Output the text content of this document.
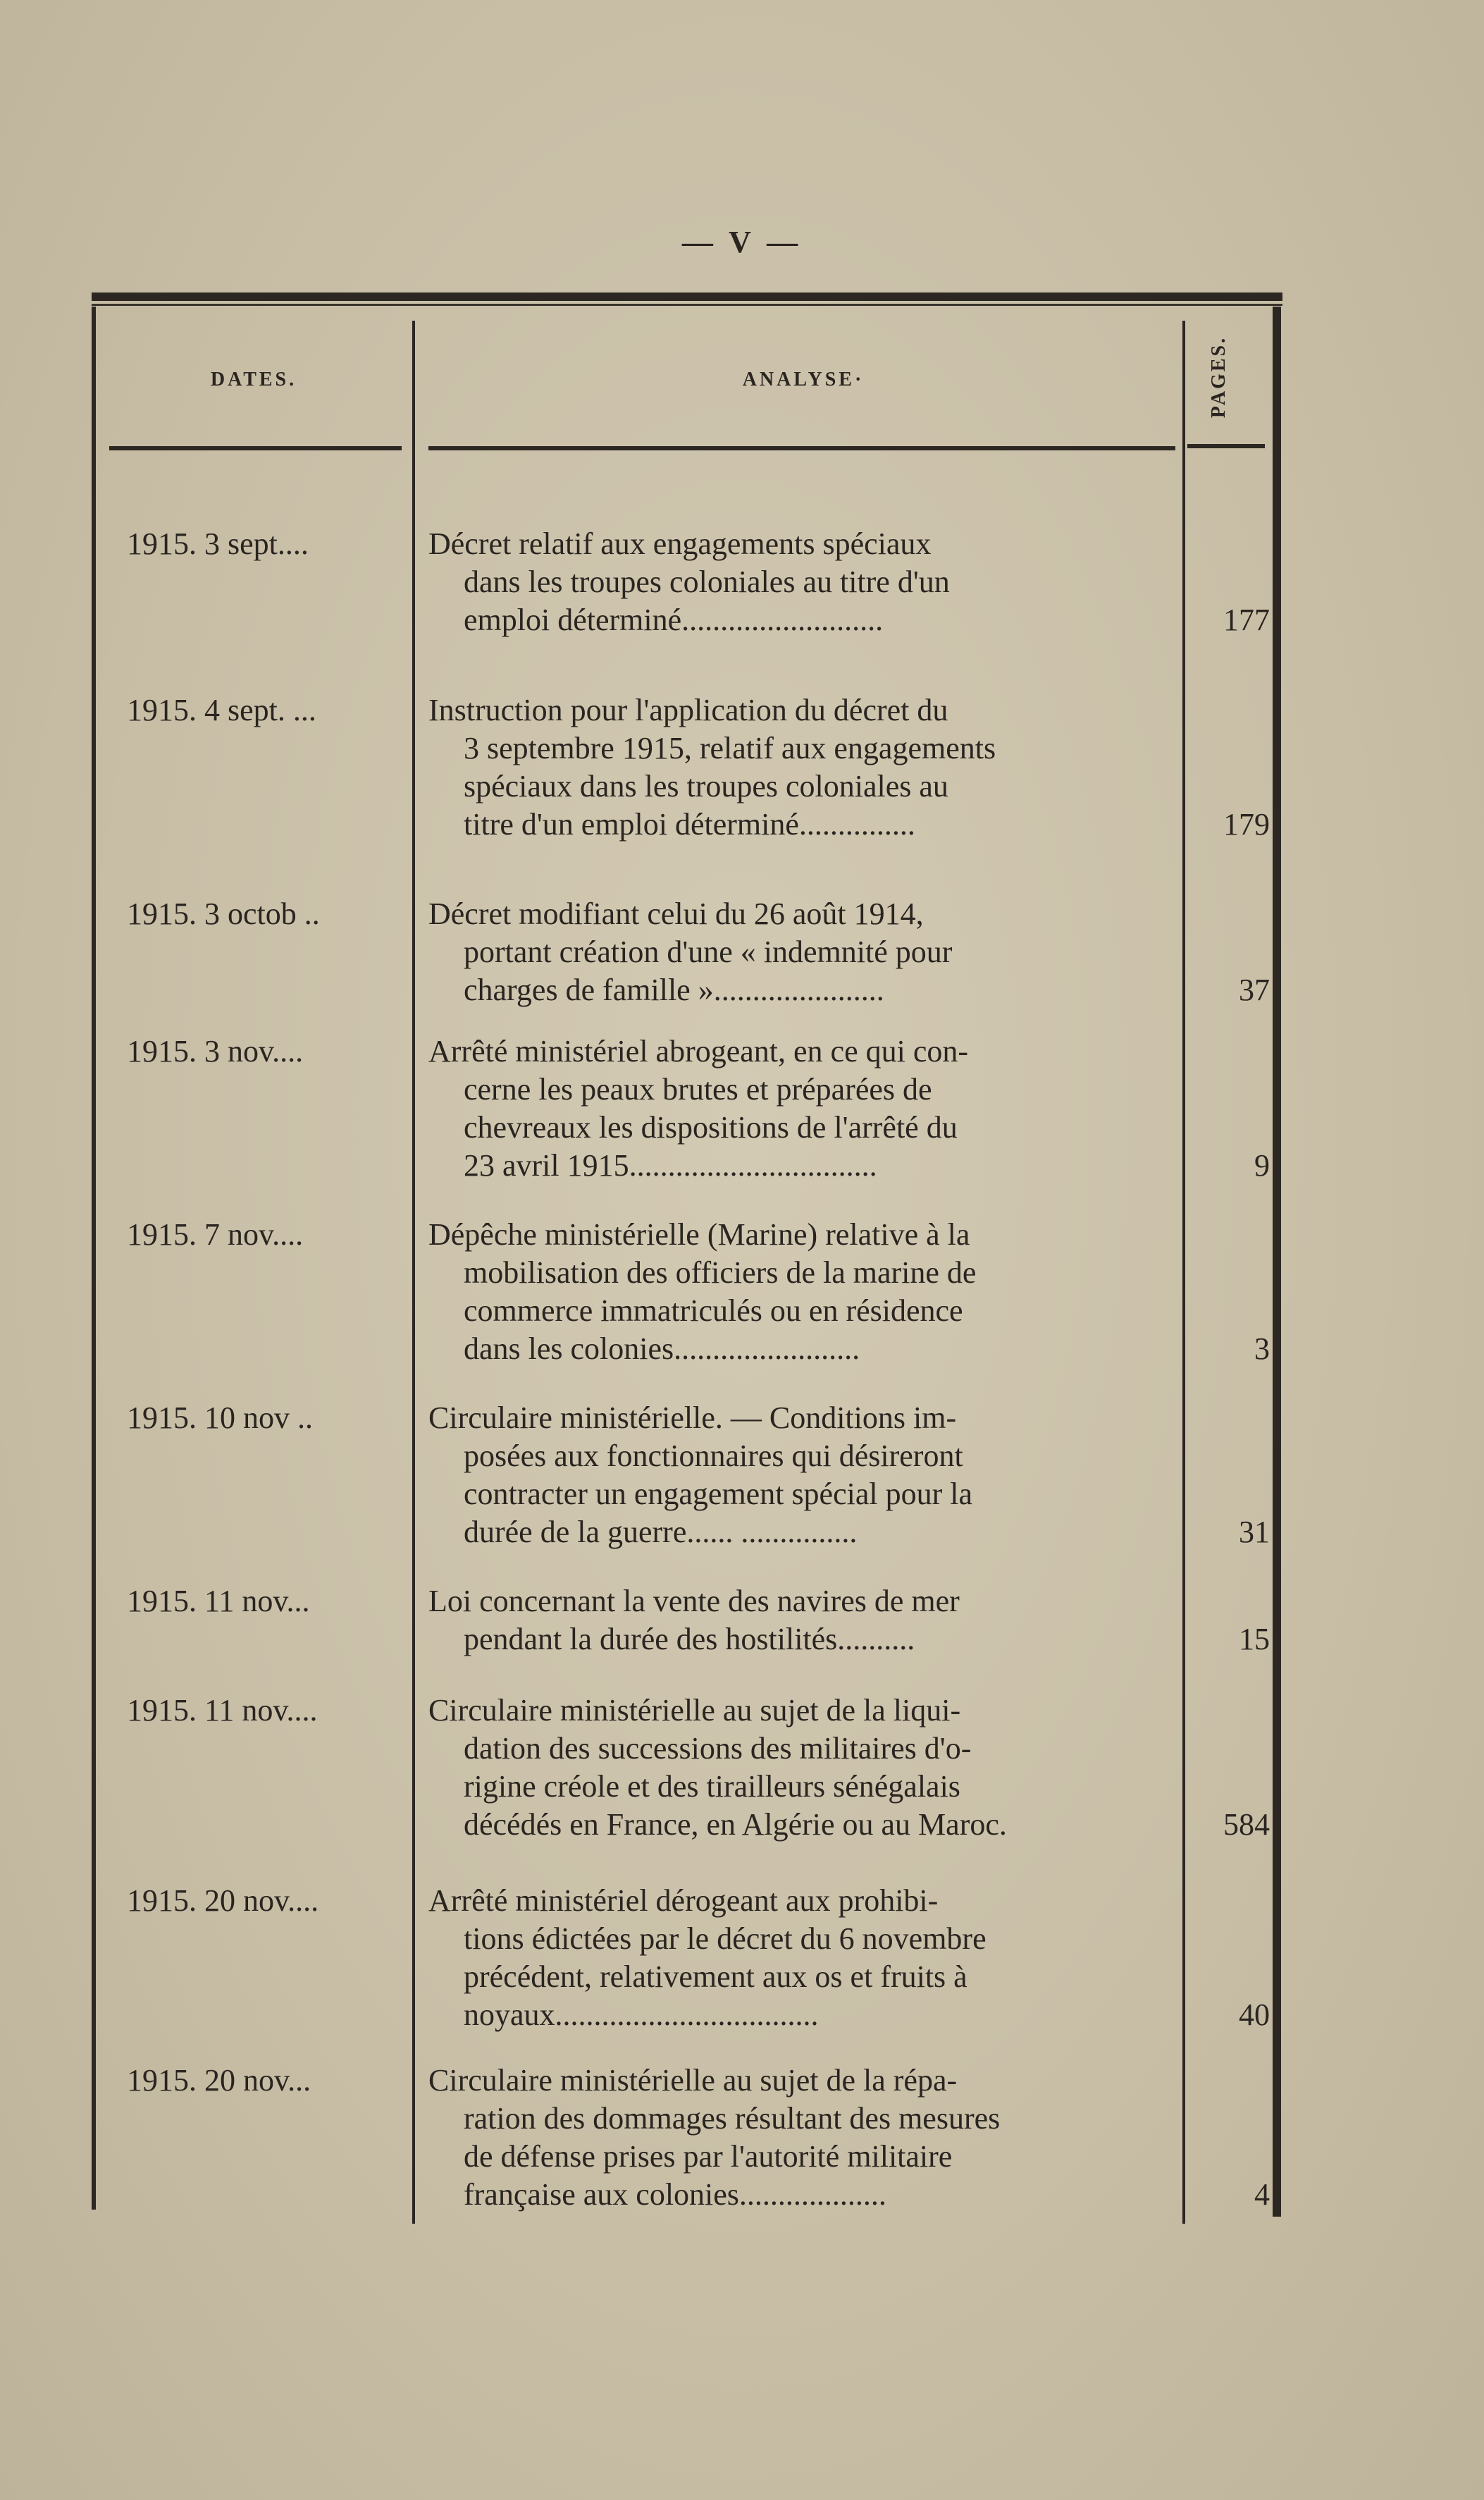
— V —
DATES.	ANALYSE·	PAGES.
1915. 3 sept....	Décret relatif aux engagements spéciaux
dans les troupes coloniales au titre d'un
emploi déterminé..........................	177
1915. 4 sept. ...	Instruction pour l'application du décret du
3 septembre 1915, relatif aux engagements
spéciaux dans les troupes coloniales au
titre d'un emploi déterminé...............	179
1915. 3 octob ..	Décret modifiant celui du 26 août 1914,
portant création d'une « indemnité pour
charges de famille »......................	37
1915. 3 nov....	Arrêté ministériel abrogeant, en ce qui con-
cerne les peaux brutes et préparées de
chevreaux les dispositions de l'arrêté du
23 avril 1915................................	9
1915. 7 nov....	Dépêche ministérielle (Marine) relative à la
mobilisation des officiers de la marine de
commerce immatriculés ou en résidence
dans les colonies........................	3
1915. 10 nov ..	Circulaire ministérielle. — Conditions im-
posées aux fonctionnaires qui désireront
contracter un engagement spécial pour la
durée de la guerre...... ...............	31
1915. 11 nov...	Loi concernant la vente des navires de mer
pendant la durée des hostilités..........	15
1915. 11 nov....	Circulaire ministérielle au sujet de la liqui-
dation des successions des militaires d'o-
rigine créole et des tirailleurs sénégalais
décédés en France, en Algérie ou au Maroc.	584
1915. 20 nov....	Arrêté ministériel dérogeant aux prohibi-
tions édictées par le décret du 6 novembre
précédent, relativement aux os et fruits à
noyaux..................................	40
1915. 20 nov...	Circulaire ministérielle au sujet de la répa-
ration des dommages résultant des mesures
de défense prises par l'autorité militaire
française aux colonies...................	4
